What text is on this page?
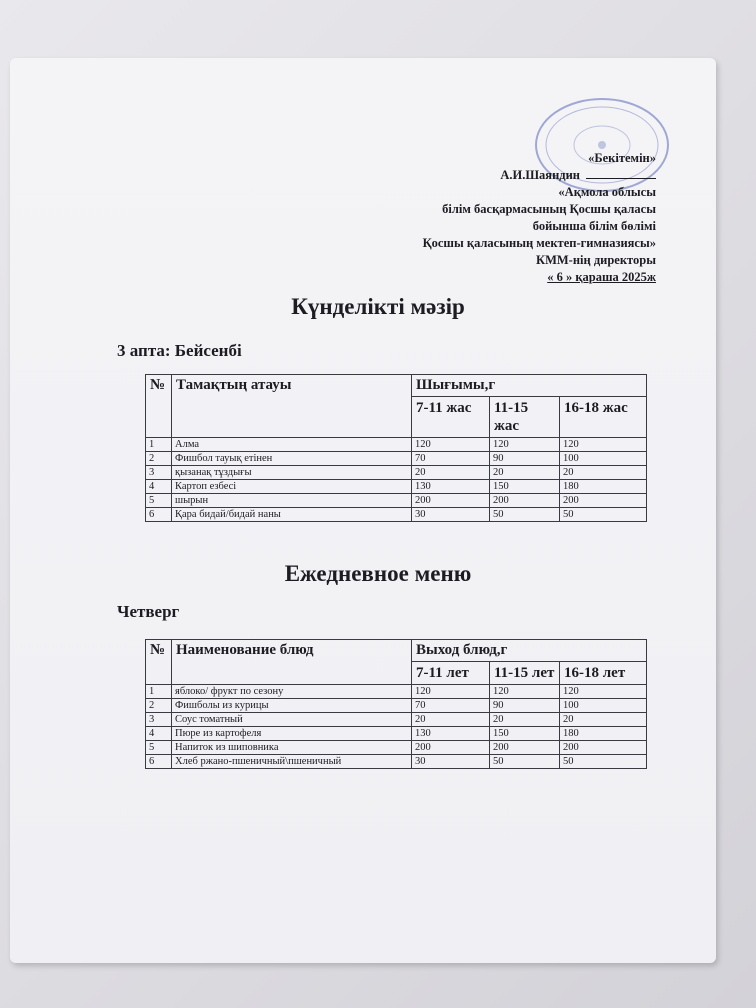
«Бекітемін»
А.И.Шаяндин
«Ақмола облысы
білім басқармасының Қосшы қаласы
бойынша білім бөлімі
Қосшы қаласының мектеп-гимназиясы»
КММ-нің директоры
« 6 » қараша 2025ж
Күнделікті мәзір
3 апта: Бейсенбі
№	Тамақтың атауы	Шығымы,г		
		7-11 жас	11-15 жас	16-18 жас
1	Алма	120	120	120
2	Фишбол тауық етінен	70	90	100
3	қызанақ тұздығы	20	20	20
4	Картоп езбесі	130	150	180
5	шырын	200	200	200
6	Қара бидай/бидай наны	30	50	50
Ежедневное меню
Четверг
№	Наименование блюд	Выход блюд,г		
		7-11 лет	11-15 лет	16-18 лет
1	яблоко/ фрукт по сезону	120	120	120
2	Фишболы из курицы	70	90	100
3	Соус томатный	20	20	20
4	Пюре из картофеля	130	150	180
5	Напиток из шиповника	200	200	200
6	Хлеб ржано-пшеничный\пшеничный	30	50	50
